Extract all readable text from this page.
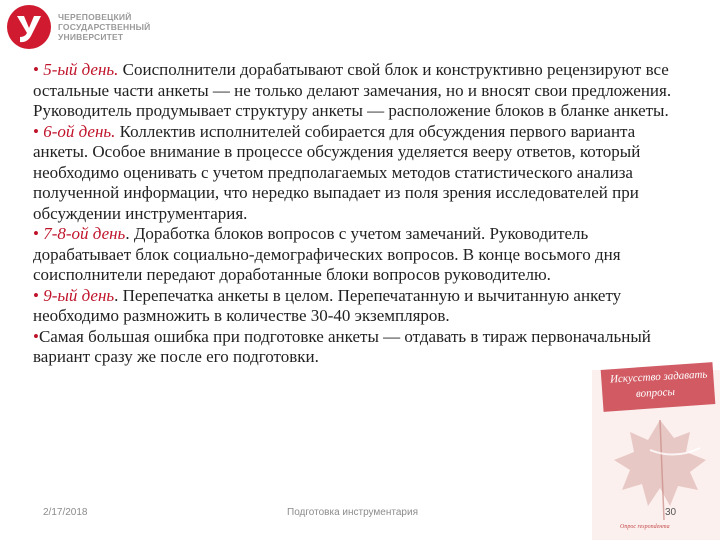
ЧЕРЕПОВЕЦКИЙ
ГОСУДАРСТВЕННЫЙ
УНИВЕРСИТЕТ

• 5-ый день. Соисполнители дорабатывают свой блок и конструктивно рецензируют все остальные части анкеты — не только делают замечания, но и вносят свои предложения. Руководитель продумывает структуру анкеты — расположение блоков в бланке анкеты.

• 6-ой день. Коллектив исполнителей собирается для обсуждения первого варианта анкеты. Особое внимание в процессе обсуждения уделяется вееру ответов, который необходимо оценивать с учетом предполагаемых методов статистического анализа полученной информации, что нередко выпадает из поля зрения исследователей при обсуждении инструментария.

• 7-8-ой день. Доработка блоков вопросов с учетом замечаний. Руководитель дорабатывает блок социально-демографических вопросов. В конце восьмого дня соисполнители передают доработанные блоки вопросов руководителю.

• 9-ый день. Перепечатка анкеты в целом. Перепечатанную и вычитанную анкету необходимо размножить в количестве 30-40 экземпляров.

•Самая большая ошибка при подготовке анкеты — отдавать в тираж первоначальный вариант сразу же после его подготовки.

Искусство задавать
вопросы
Опрос respondента
2/17/2018	Подготовка инструментария	30
